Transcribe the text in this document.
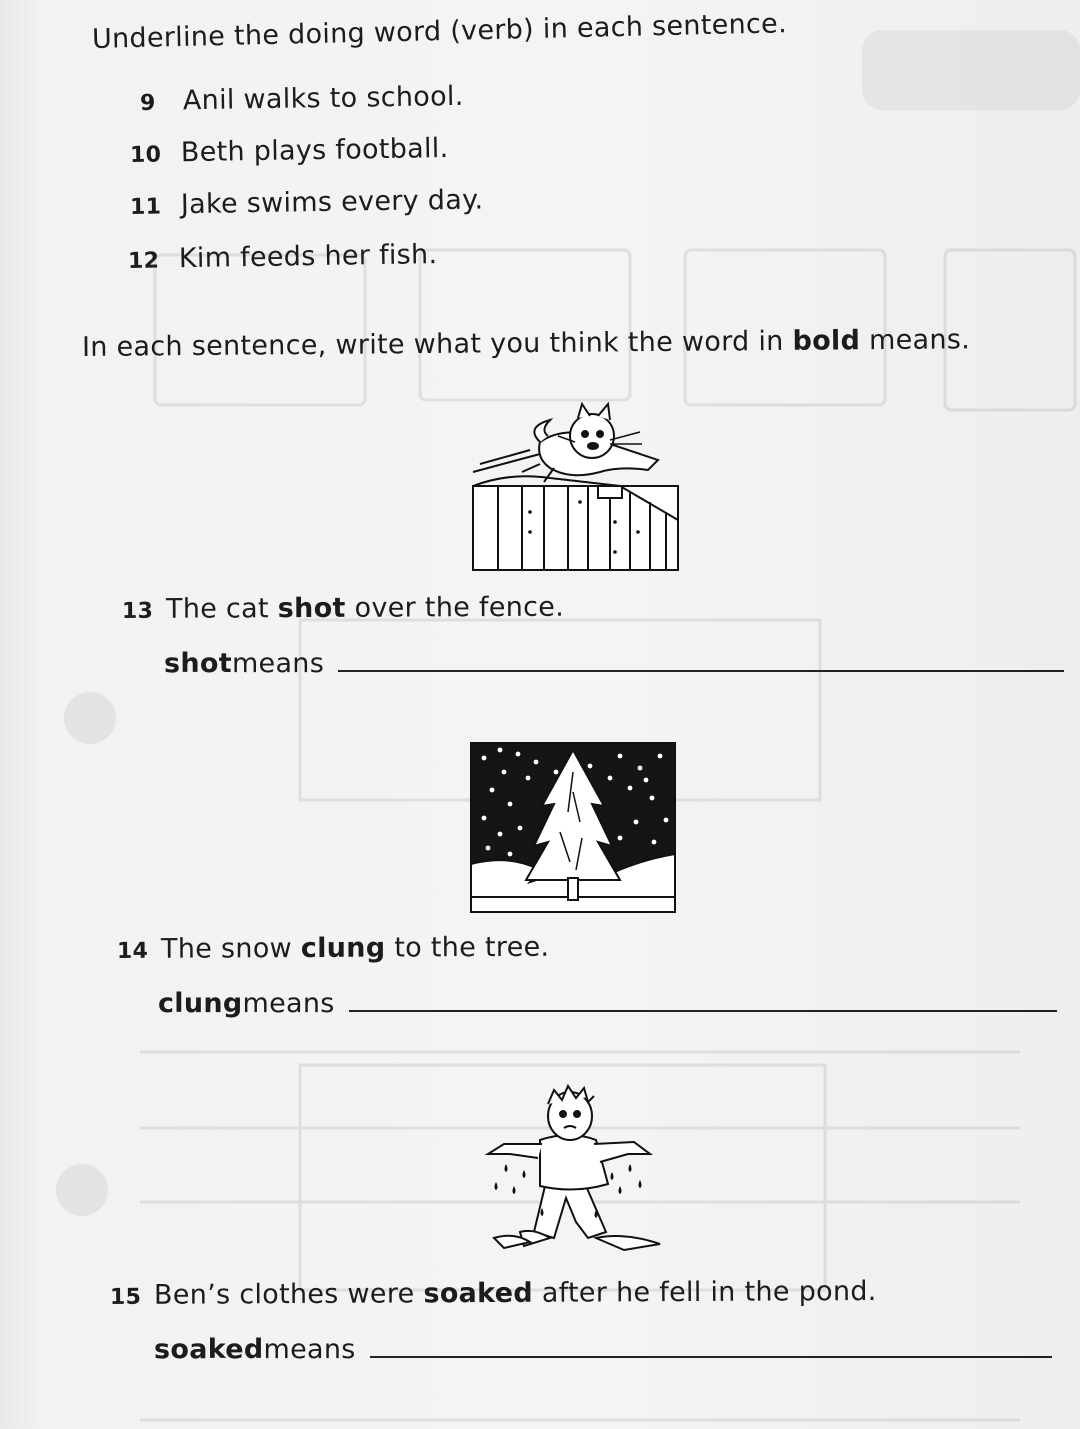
Underline the doing word (verb) in each sentence.

9 Anil walks to school.
10 Beth plays football.
11 Jake swims every day.
12 Kim feeds her fish.

In each sentence, write what you think the word in bold means.

13 The cat shot over the fence.
shot means
14 The snow clung to the tree.
clung means
15 Ben’s clothes were soaked after he fell in the pond.
soaked means
